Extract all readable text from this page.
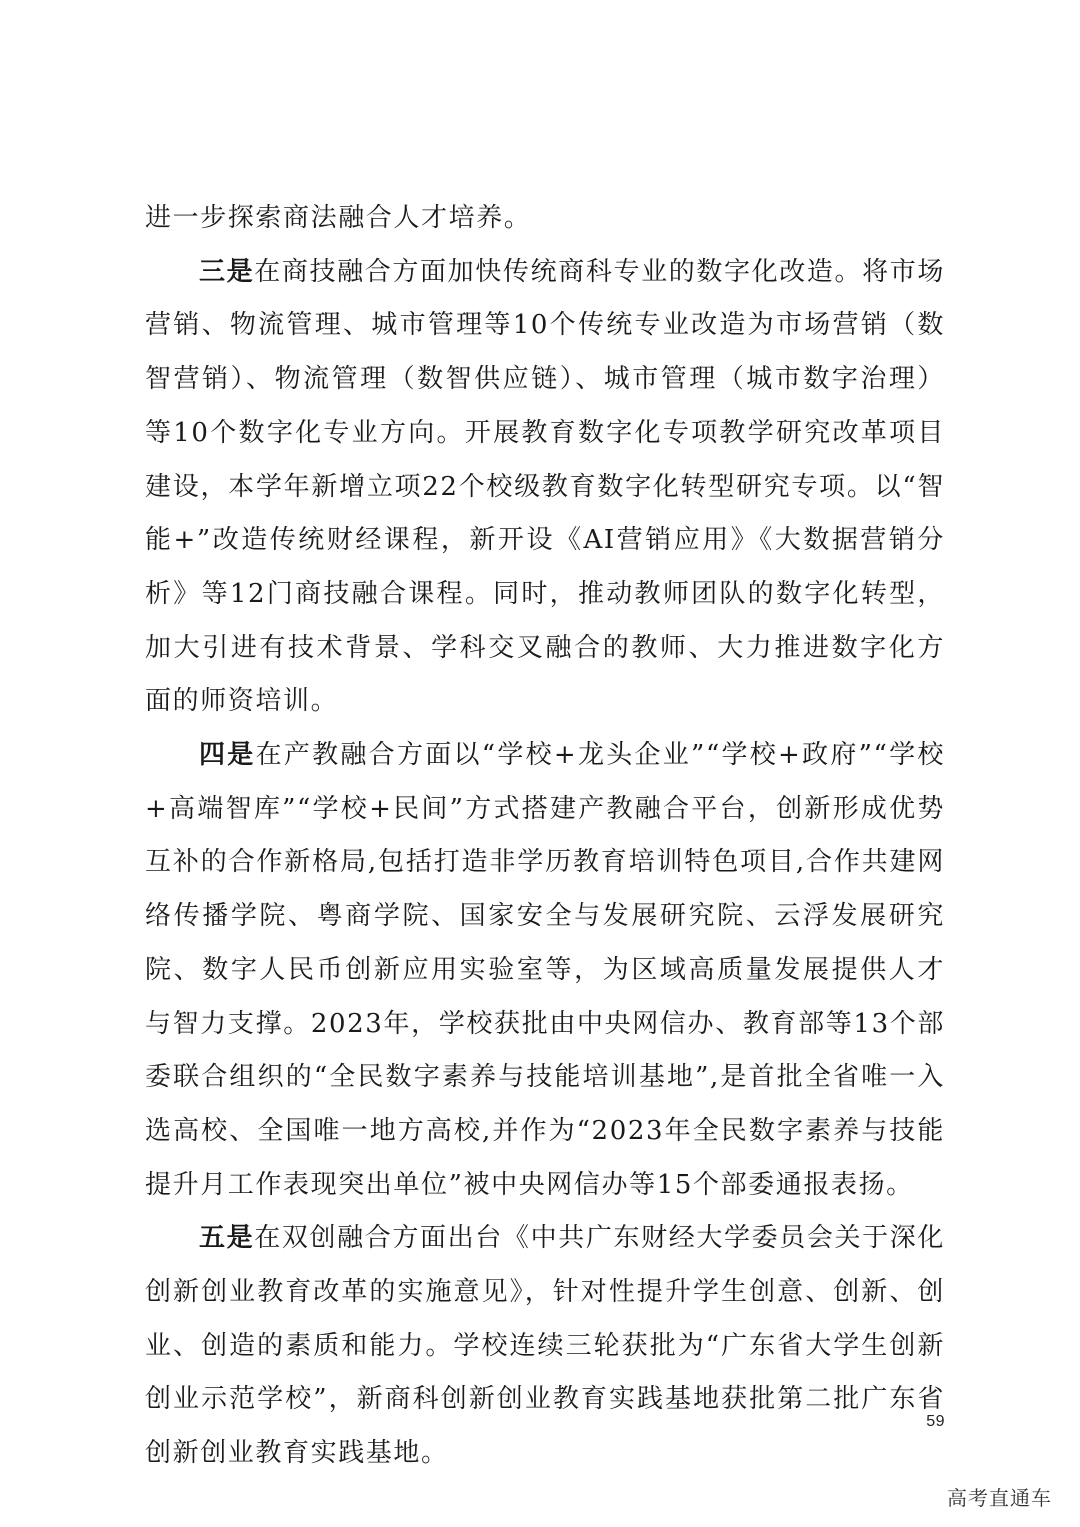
进一步探索商法融合人才培养。

三是在商技融合方面加快传统商科专业的数字化改造。将市场营销、物流管理、城市管理等10个传统专业改造为市场营销（数智营销）、物流管理（数智供应链）、城市管理（城市数字治理）等10个数字化专业方向。开展教育数字化专项教学研究改革项目建设，本学年新增立项22个校级教育数字化转型研究专项。以“智能+”改造传统财经课程，新开设《AI营销应用》《大数据营销分析》等12门商技融合课程。同时，推动教师团队的数字化转型，加大引进有技术背景、学科交叉融合的教师、大力推进数字化方面的师资培训。

四是在产教融合方面以“学校+龙头企业”“学校+政府”“学校+高端智库”“学校+民间”方式搭建产教融合平台，创新形成优势互补的合作新格局,包括打造非学历教育培训特色项目,合作共建网络传播学院、粤商学院、国家安全与发展研究院、云浮发展研究院、数字人民币创新应用实验室等，为区域高质量发展提供人才与智力支撑。2023年，学校获批由中央网信办、教育部等13个部委联合组织的“全民数字素养与技能培训基地”,是首批全省唯一入选高校、全国唯一地方高校,并作为“2023年全民数字素养与技能提升月工作表现突出单位”被中央网信办等15个部委通报表扬。

五是在双创融合方面出台《中共广东财经大学委员会关于深化创新创业教育改革的实施意见》，针对性提升学生创意、创新、创业、创造的素质和能力。学校连续三轮获批为“广东省大学生创新创业示范学校”，新商科创新创业教育实践基地获批第二批广东省创新创业教育实践基地。

59
高考直通车
